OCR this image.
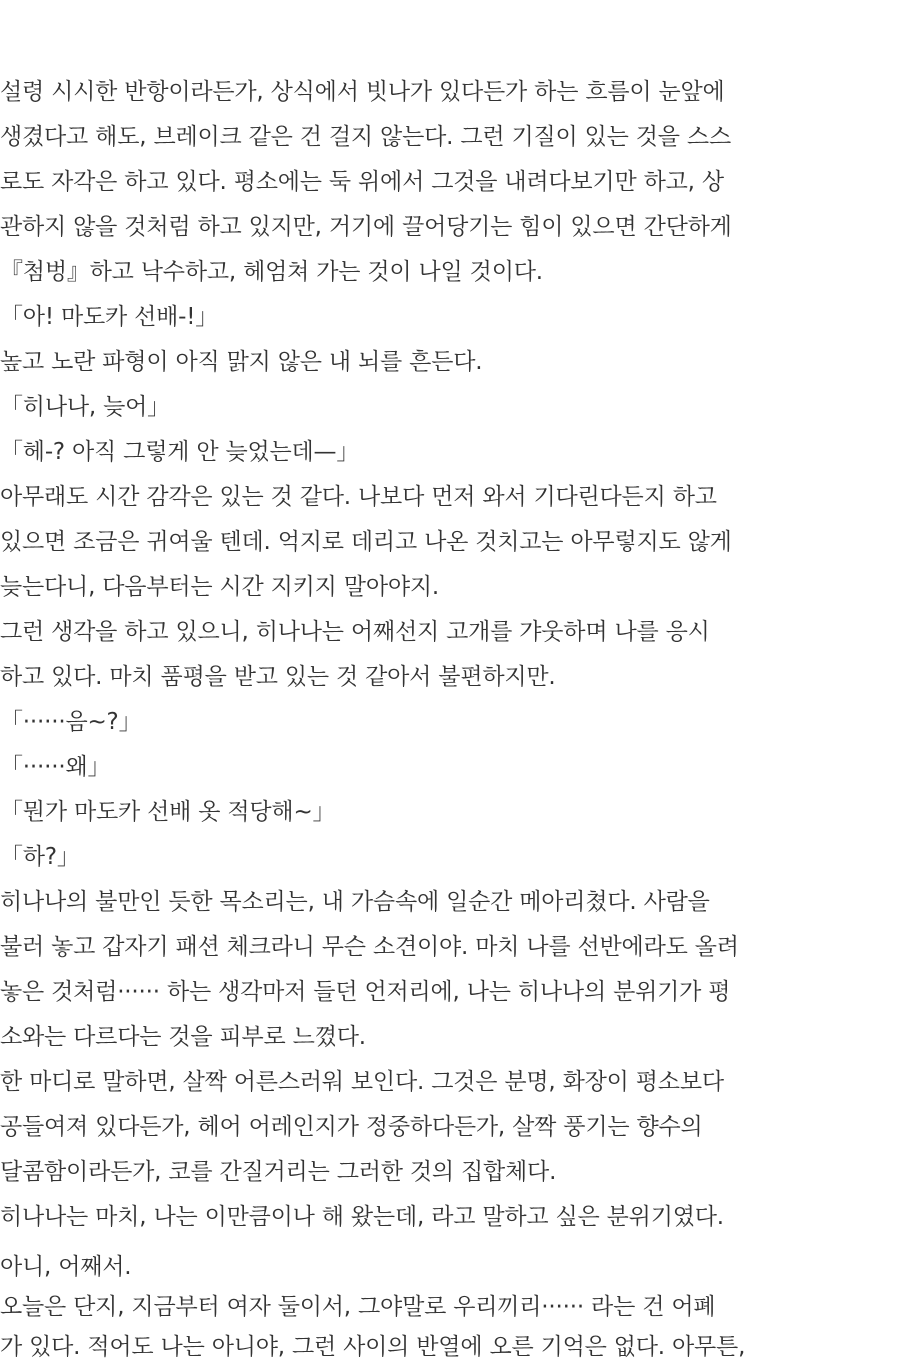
설령 시시한 반항이라든가, 상식에서 빗나가 있다든가 하는 흐름이 눈앞에
생겼다고 해도, 브레이크 같은 건 걸지 않는다. 그런 기질이 있는 것을 스스
로도 자각은 하고 있다. 평소에는 둑 위에서 그것을 내려다보기만 하고, 상
관하지 않을 것처럼 하고 있지만, 거기에 끌어당기는 힘이 있으면 간단하게
『첨벙』하고 낙수하고, 헤엄쳐 가는 것이 나일 것이다.
「아! 마도카 선배-!」
높고 노란 파형이 아직 맑지 않은 내 뇌를 흔든다.
「히나나, 늦어」
「헤-? 아직 그렇게 안 늦었는데—」
아무래도 시간 감각은 있는 것 같다. 나보다 먼저 와서 기다린다든지 하고
있으면 조금은 귀여울 텐데. 억지로 데리고 나온 것치고는 아무렇지도 않게
늦는다니, 다음부터는 시간 지키지 말아야지.
그런 생각을 하고 있으니, 히나나는 어째선지 고개를 갸웃하며 나를 응시
하고 있다. 마치 품평을 받고 있는 것 같아서 불편하지만.
「······음~?」
「······왜」
「뭔가 마도카 선배 옷 적당해~」
「하?」
히나나의 불만인 듯한 목소리는, 내 가슴속에 일순간 메아리쳤다. 사람을
불러 놓고 갑자기 패션 체크라니 무슨 소견이야. 마치 나를 선반에라도 올려
놓은 것처럼······ 하는 생각마저 들던 언저리에, 나는 히나나의 분위기가 평
소와는 다르다는 것을 피부로 느꼈다.
한 마디로 말하면, 살짝 어른스러워 보인다. 그것은 분명, 화장이 평소보다
공들여져 있다든가, 헤어 어레인지가 정중하다든가, 살짝 풍기는 향수의
달콤함이라든가, 코를 간질거리는 그러한 것의 집합체다.
히나나는 마치, 나는 이만큼이나 해 왔는데, 라고 말하고 싶은 분위기였다.
아니, 어째서.
오늘은 단지, 지금부터 여자 둘이서, 그야말로 우리끼리······ 라는 건 어폐
가 있다. 적어도 나는 아니야, 그런 사이의 반열에 오른 기억은 없다. 아무튼,
